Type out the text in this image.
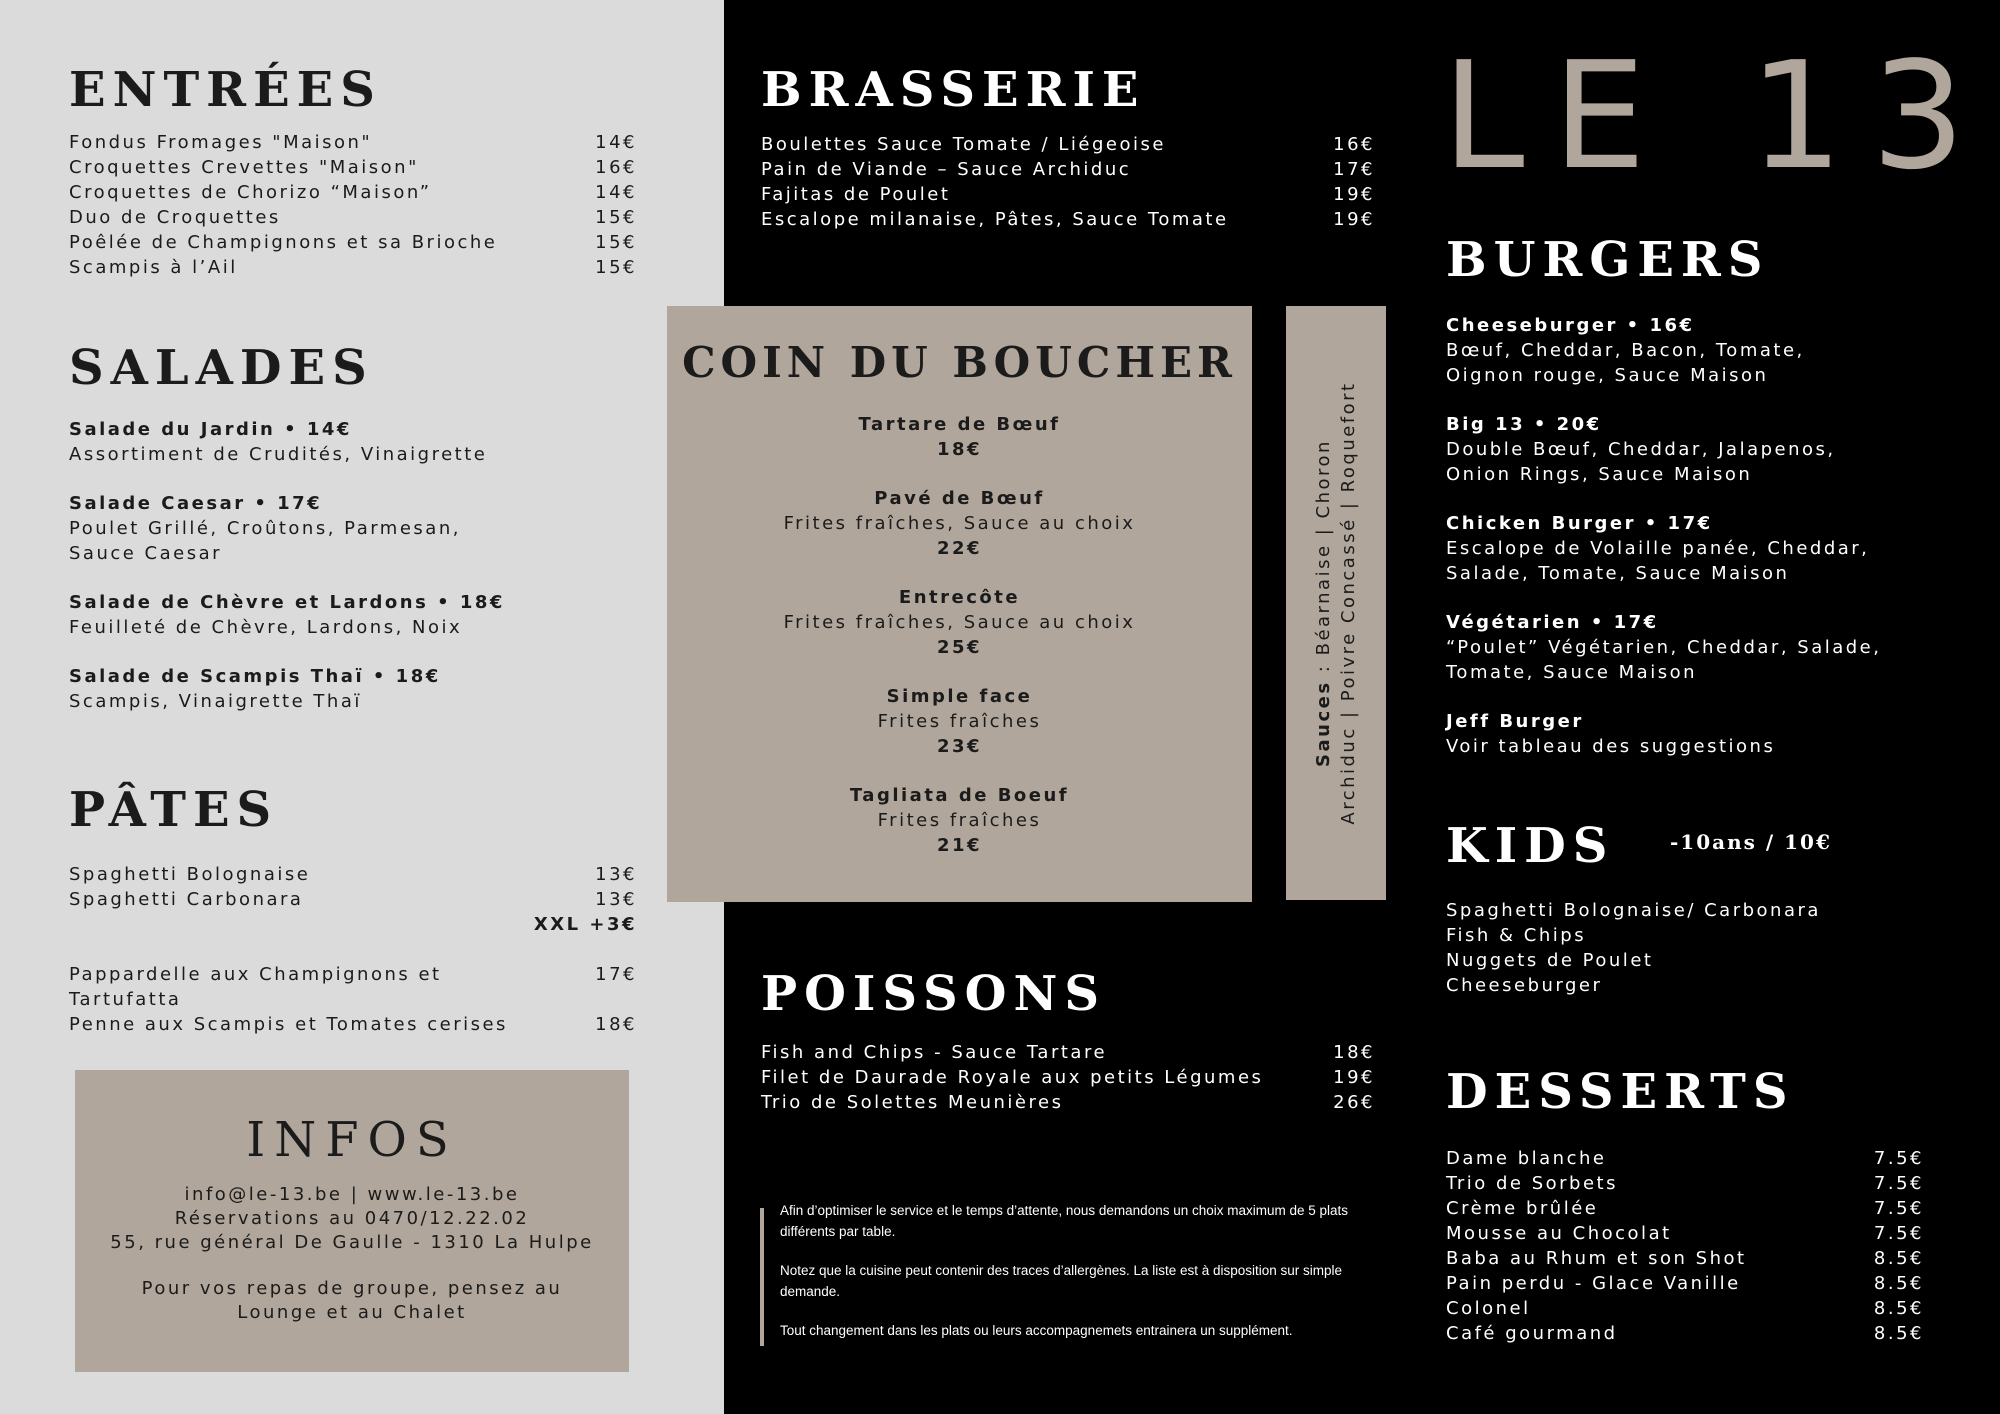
ENTRÉES
Fondus Fromages "Maison"	14€
Croquettes Crevettes "Maison"	16€
Croquettes de Chorizo “Maison”	14€
Duo de Croquettes	15€
Poêlée de Champignons et sa Brioche	15€
Scampis à l’Ail	15€
SALADES
Salade du Jardin • 14€
Assortiment de Crudités, Vinaigrette
Salade Caesar • 17€
Poulet Grillé, Croûtons, Parmesan,
Sauce Caesar
Salade de Chèvre et Lardons • 18€
Feuilleté de Chèvre, Lardons, Noix
Salade de Scampis Thaï • 18€
Scampis, Vinaigrette Thaï
PÂTES
Spaghetti Bolognaise	13€
Spaghetti Carbonara	13€
XXL +3€
Pappardelle aux Champignons et
Tartufatta
17€
Penne aux Scampis et Tomates cerises	18€
INFOS
info@le-13.be | www.le-13.be
Réservations au 0470/12.22.02
55, rue général De Gaulle - 1310 La Hulpe
Pour vos repas de groupe, pensez au
Lounge et au Chalet
BRASSERIE
Boulettes Sauce Tomate / Liégeoise	16€
Pain de Viande – Sauce Archiduc	17€
Fajitas de Poulet	19€
Escalope milanaise, Pâtes, Sauce Tomate	19€
LE 13
COIN DU BOUCHER
Tartare de Bœuf
18€
Pavé de Bœuf
Frites fraîches, Sauce au choix
22€
Entrecôte
Frites fraîches, Sauce au choix
25€
Simple face
Frites fraîches
23€
Tagliata de Boeuf
Frites fraîches
21€
Sauces : Béarnaise | Choron Archiduc | Poivre Concassé | Roquefort
POISSONS
Fish and Chips - Sauce Tartare	18€
Filet de Daurade Royale aux petits Légumes	19€
Trio de Solettes Meunières	26€

Afin d’optimiser le service et le temps d’attente, nous demandons un choix maximum de 5 plats différents par table.

Notez que la cuisine peut contenir des traces d’allergènes. La liste est à disposition sur simple demande.

Tout changement dans les plats ou leurs accompagnemets entrainera un supplément.

BURGERS
Cheeseburger • 16€
Bœuf, Cheddar, Bacon, Tomate,
Oignon rouge, Sauce Maison
Big 13 • 20€
Double Bœuf, Cheddar, Jalapenos,
Onion Rings, Sauce Maison
Chicken Burger • 17€
Escalope de Volaille panée, Cheddar,
Salade, Tomate, Sauce Maison
Végétarien • 17€
“Poulet” Végétarien, Cheddar, Salade,
Tomate, Sauce Maison
Jeff Burger
Voir tableau des suggestions
KIDS	-10ans / 10€
Spaghetti Bolognaise/ Carbonara
Fish & Chips
Nuggets de Poulet
Cheeseburger
DESSERTS
Dame blanche	7.5€
Trio de Sorbets	7.5€
Crème brûlée	7.5€
Mousse au Chocolat	7.5€
Baba au Rhum et son Shot	8.5€
Pain perdu - Glace Vanille	8.5€
Colonel	8.5€
Café gourmand	8.5€
